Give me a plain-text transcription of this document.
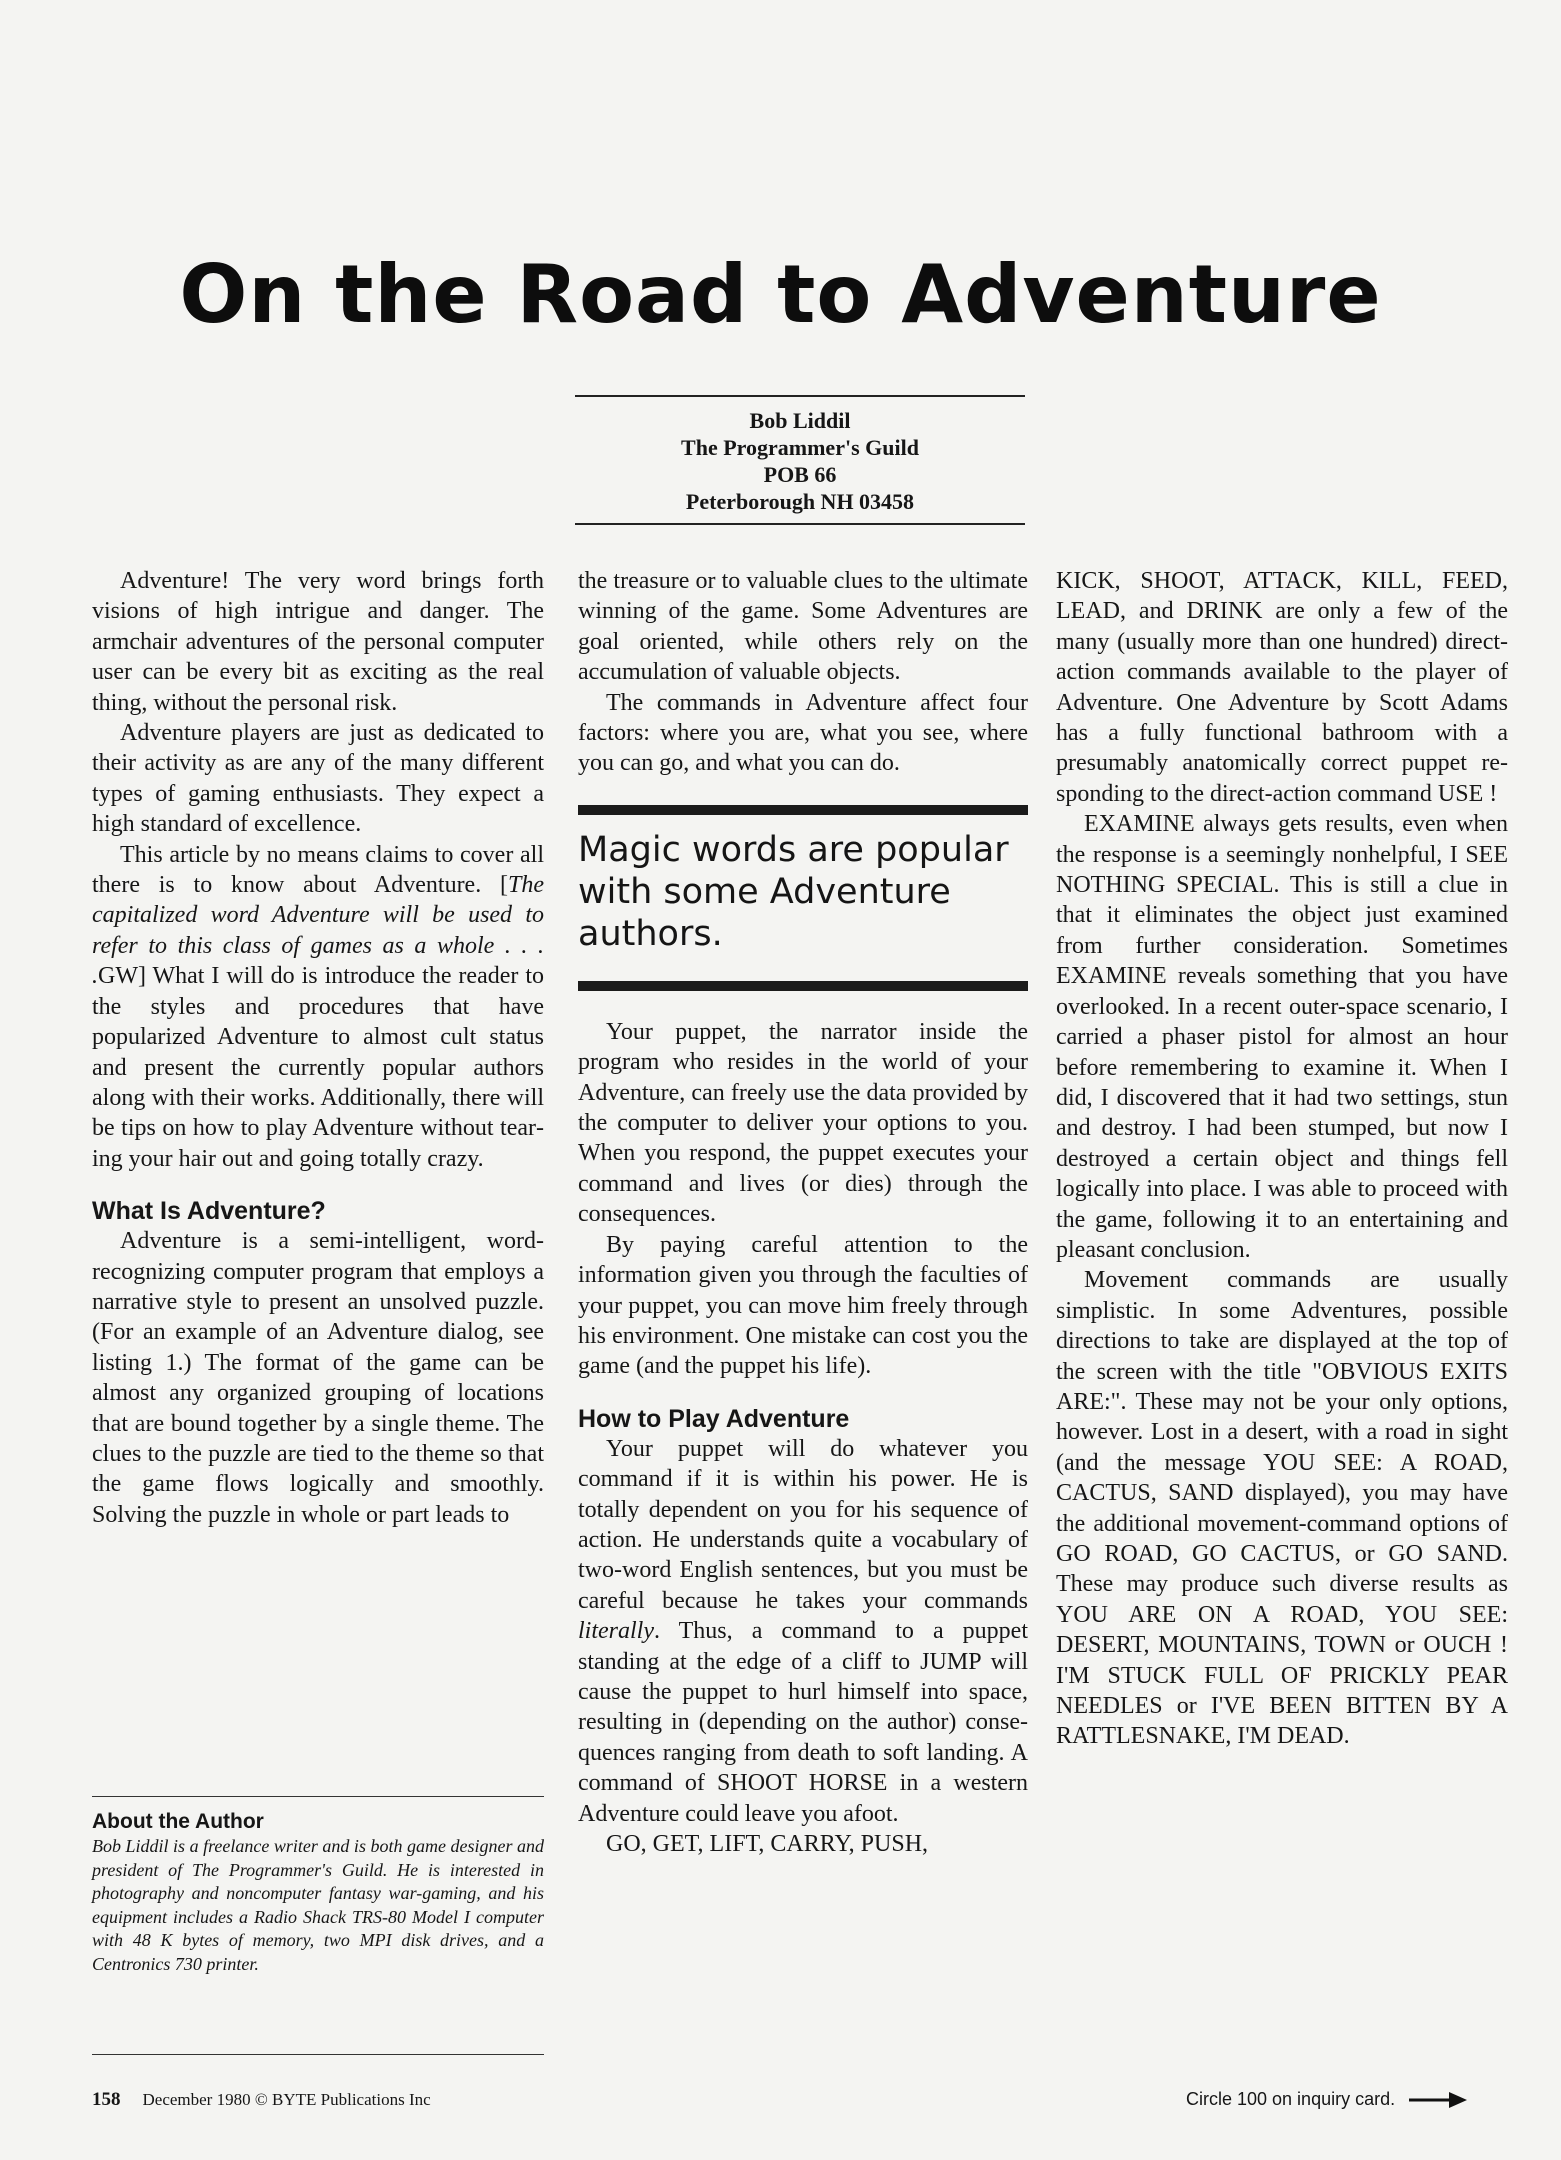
On the Road to Adventure
Bob Liddil
The Programmer's Guild
POB 66
Peterborough NH 03458

Adventure! The very word brings forth visions of high intrigue and danger. The armchair adventures of the personal computer user can be every bit as exciting as the real thing, without the personal risk.

Adventure players are just as dedicated to their activity as are any of the many different types of gaming enthusiasts. They expect a high standard of excellence.

This article by no means claims to cover all there is to know about Adventure. [The capitalized word Adventure will be used to refer to this class of games as a whole . . . .GW] What I will do is introduce the reader to the styles and procedures that have popularized Adventure to almost cult status and present the currently popular authors along with their works. Additionally, there will be tips on how to play Adventure without tearing your hair out and going totally crazy.

What Is Adventure?

Adventure is a semi-intelligent, word-recognizing computer program that employs a narrative style to present an unsolved puzzle. (For an example of an Adventure dialog, see listing 1.) The format of the game can be almost any organized grouping of locations that are bound together by a single theme. The clues to the puzzle are tied to the theme so that the game flows logically and smoothly. Solving the puzzle in whole or part leads to

About the Author

Bob Liddil is a freelance writer and is both game designer and president of The Programmer's Guild. He is interested in photography and noncomputer fantasy war-gaming, and his equipment includes a Radio Shack TRS-80 Model I computer with 48 K bytes of memory, two MPI disk drives, and a Centronics 730 printer.

the treasure or to valuable clues to the ultimate winning of the game. Some Adventures are goal oriented, while others rely on the accumulation of valuable objects.

The commands in Adventure affect four factors: where you are, what you see, where you can go, and what you can do.

Magic words are popular
with some Adventure
authors.

Your puppet, the narrator inside the program who resides in the world of your Adventure, can freely use the data provided by the computer to deliver your options to you. When you respond, the puppet executes your command and lives (or dies) through the consequences.

By paying careful attention to the information given you through the faculties of your puppet, you can move him freely through his environment. One mistake can cost you the game (and the puppet his life).

How to Play Adventure

Your puppet will do whatever you command if it is within his power. He is totally dependent on you for his sequence of action. He understands quite a vocabulary of two-word English sentences, but you must be careful because he takes your commands literally. Thus, a command to a puppet standing at the edge of a cliff to JUMP will cause the puppet to hurl himself into space, resulting in (depending on the author) consequences ranging from death to soft landing. A command of SHOOT HORSE in a western Adventure could leave you afoot.

GO, GET, LIFT, CARRY, PUSH,

KICK, SHOOT, ATTACK, KILL, FEED, LEAD, and DRINK are only a few of the many (usually more than one hundred) direct-action commands available to the player of Adventure. One Adventure by Scott Adams has a fully functional bathroom with a presumably anatomically correct puppet responding to the direct-action command USE !

EXAMINE always gets results, even when the response is a seemingly nonhelpful, I SEE NOTHING SPECIAL. This is still a clue in that it eliminates the object just examined from further consideration. Sometimes EXAMINE reveals something that you have overlooked. In a recent outer-space scenario, I carried a phaser pistol for almost an hour before remembering to examine it. When I did, I discovered that it had two settings, stun and destroy. I had been stumped, but now I destroyed a certain object and things fell logically into place. I was able to proceed with the game, following it to an entertaining and pleasant conclusion.

Movement commands are usually simplistic. In some Adventures, possible directions to take are displayed at the top of the screen with the title "OBVIOUS EXITS ARE:". These may not be your only options, however. Lost in a desert, with a road in sight (and the message YOU SEE: A ROAD, CACTUS, SAND displayed), you may have the additional movement-command options of GO ROAD, GO CACTUS, or GO SAND. These may produce such diverse results as YOU ARE ON A ROAD, YOU SEE: DESERT, MOUNTAINS, TOWN or OUCH ! I'M STUCK FULL OF PRICKLY PEAR NEEDLES or I'VE BEEN BITTEN BY A RATTLESNAKE, I'M DEAD.

158 December 1980 © BYTE Publications Inc	Circle 100 on inquiry card.
